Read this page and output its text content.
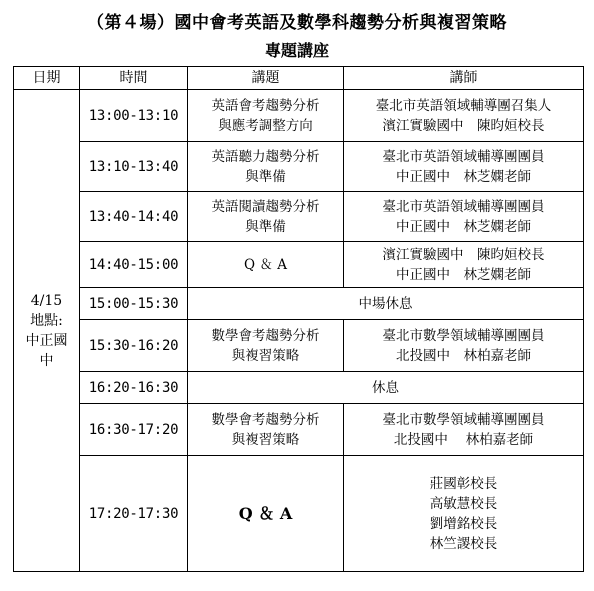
（第４場）國中會考英語及數學科趨勢分析與複習策略
專題講座
日期	時間	講題	講師

4/15
地點:
中正國
中	13:00-13:10	英語會考趨勢分析
與應考調整方向	臺北市英語領域輔導團召集人
濱江實驗國中　陳昀姮校長

	13:10-13:40	英語聽力趨勢分析
與準備	臺北市英語領域輔導團團員
中正國中　林芝嫻老師

	13:40-14:40	英語閱讀趨勢分析
與準備	臺北市英語領域輔導團團員
中正國中　林芝嫻老師

	14:40-15:00	Q ＆ A	濱江實驗國中　陳昀姮校長
中正國中　林芝嫻老師

	15:00-15:30	中場休息	
	15:30-16:20	數學會考趨勢分析
與複習策略	臺北市數學領域輔導團團員
北投國中　林柏嘉老師

	16:20-16:30	休息	
	16:30-17:20	數學會考趨勢分析
與複習策略	臺北市數學領域輔導團團員
北投國中　 林柏嘉老師

	17:20-17:30	Q ＆ A	莊國彰校長
高敏慧校長
劉增銘校長
林竺謖校長
